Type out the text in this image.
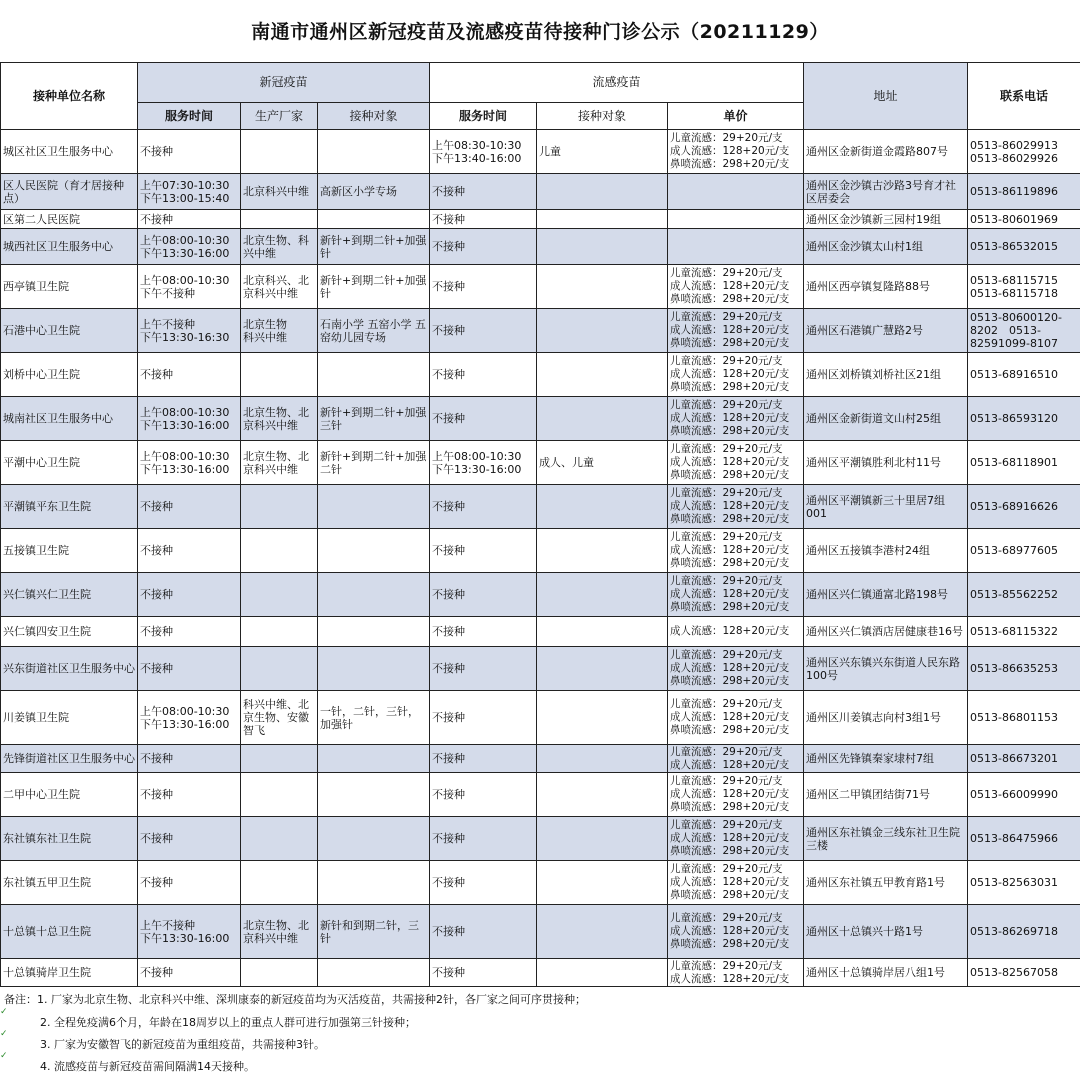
南通市通州区新冠疫苗及流感疫苗待接种门诊公示（20211129）
接种单位名称	新冠疫苗			流感疫苗			地址	联系电话
	服务时间	生产厂家	接种对象	服务时间	接种对象	单价		
城区社区卫生服务中心	不接种			上午08:30-10:30
下午13:40-16:00	儿童	儿童流感：29+20元/支
成人流感：128+20元/支
鼻喷流感：298+20元/支	通州区金新街道金霞路807号	0513-86029913
0513-86029926
区人民医院（育才居接种点）	上午07:30-10:30
下午13:00-15:40	北京科兴中维	高新区小学专场	不接种			通州区金沙镇古沙路3号育才社区居委会	0513-86119896
区第二人民医院	不接种			不接种			通州区金沙镇新三园村19组	0513-80601969
城西社区卫生服务中心	上午08:00-10:30
下午13:30-16:00	北京生物、科兴中维	新针+到期二针+加强针	不接种			通州区金沙镇太山村1组	0513-86532015
西亭镇卫生院	上午08:00-10:30
下午不接种	北京科兴、北京科兴中维	新针+到期二针+加强针	不接种		儿童流感：29+20元/支
成人流感：128+20元/支
鼻喷流感：298+20元/支	通州区西亭镇复隆路88号	0513-68115715
0513-68115718
石港中心卫生院	上午不接种
下午13:30-16:30	北京生物
科兴中维	石南小学 五窑小学 五窑幼儿园专场	不接种		儿童流感：29+20元/支
成人流感：128+20元/支
鼻喷流感：298+20元/支	通州区石港镇广慧路2号	0513-80600120-8202　0513-82591099-8107
刘桥中心卫生院	不接种			不接种		儿童流感：29+20元/支
成人流感：128+20元/支
鼻喷流感：298+20元/支	通州区刘桥镇刘桥社区21组	0513-68916510
城南社区卫生服务中心	上午08:00-10:30
下午13:30-16:00	北京生物、北京科兴中维	新针+到期二针+加强三针	不接种		儿童流感：29+20元/支
成人流感：128+20元/支
鼻喷流感：298+20元/支	通州区金新街道文山村25组	0513-86593120
平潮中心卫生院	上午08:00-10:30
下午13:30-16:00	北京生物、北京科兴中维	新针+到期二针+加强二针	上午08:00-10:30
下午13:30-16:00	成人、儿童	儿童流感：29+20元/支
成人流感：128+20元/支
鼻喷流感：298+20元/支	通州区平潮镇胜利北村11号	0513-68118901
平潮镇平东卫生院	不接种			不接种		儿童流感：29+20元/支
成人流感：128+20元/支
鼻喷流感：298+20元/支	通州区平潮镇新三十里居7组001	0513-68916626
五接镇卫生院	不接种			不接种		儿童流感：29+20元/支
成人流感：128+20元/支
鼻喷流感：298+20元/支	通州区五接镇李港村24组	0513-68977605
兴仁镇兴仁卫生院	不接种			不接种		儿童流感：29+20元/支
成人流感：128+20元/支
鼻喷流感：298+20元/支	通州区兴仁镇通富北路198号	0513-85562252
兴仁镇四安卫生院	不接种			不接种		成人流感：128+20元/支	通州区兴仁镇酒店居健康巷16号	0513-68115322
兴东街道社区卫生服务中心	不接种			不接种		儿童流感：29+20元/支
成人流感：128+20元/支
鼻喷流感：298+20元/支	通州区兴东镇兴东街道人民东路100号	0513-86635253
川姜镇卫生院	上午08:00-10:30
下午13:30-16:00	科兴中维、北京生物、安徽智飞	一针，二针，三针，加强针	不接种		儿童流感：29+20元/支
成人流感：128+20元/支
鼻喷流感：298+20元/支	通州区川姜镇志向村3组1号	0513-86801153
先锋街道社区卫生服务中心	不接种			不接种		儿童流感：29+20元/支
成人流感：128+20元/支	通州区先锋镇秦家埭村7组	0513-86673201
二甲中心卫生院	不接种			不接种		儿童流感：29+20元/支
成人流感：128+20元/支
鼻喷流感：298+20元/支	通州区二甲镇团结街71号	0513-66009990
东社镇东社卫生院	不接种			不接种		儿童流感：29+20元/支
成人流感：128+20元/支
鼻喷流感：298+20元/支	通州区东社镇金三线东社卫生院三楼	0513-86475966
东社镇五甲卫生院	不接种			不接种		儿童流感：29+20元/支
成人流感：128+20元/支
鼻喷流感：298+20元/支	通州区东社镇五甲教育路1号	0513-82563031
十总镇十总卫生院	上午不接种
下午13:30-16:00	北京生物、北京科兴中维	新针和到期二针，三针	不接种		儿童流感：29+20元/支
成人流感：128+20元/支
鼻喷流感：298+20元/支	通州区十总镇兴十路1号	0513-86269718
十总镇骑岸卫生院	不接种			不接种		儿童流感：29+20元/支
成人流感：128+20元/支	通州区十总镇骑岸居八组1号	0513-82567058
备注：1. 厂家为北京生物、北京科兴中维、深圳康泰的新冠疫苗均为灭活疫苗，共需接种2针，各厂家之间可序贯接种；
✓
2. 全程免疫满6个月，年龄在18周岁以上的重点人群可进行加强第三针接种；
✓
3. 厂家为安徽智飞的新冠疫苗为重组疫苗，共需接种3针。
✓
4. 流感疫苗与新冠疫苗需间隔满14天接种。
